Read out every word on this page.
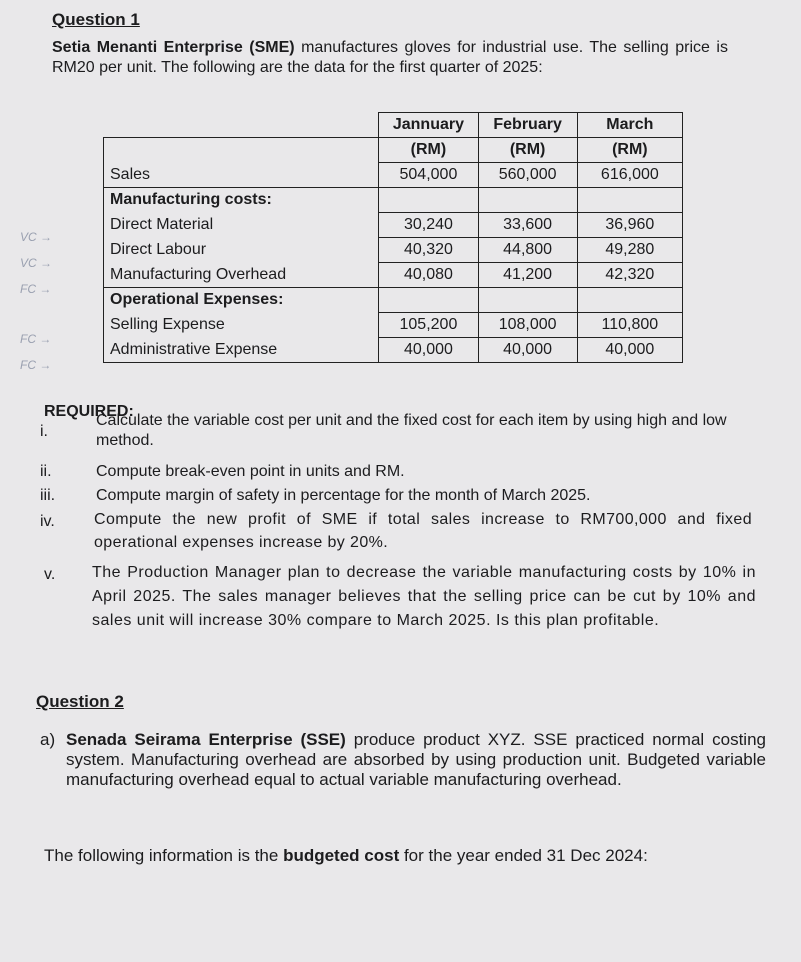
Question 1
Setia Menanti Enterprise (SME) manufactures gloves for industrial use. The selling price is RM20 per unit. The following are the data for the first quarter of 2025:
VC →
VC →
FC →
FC →
FC →
	Jannuary	February	March
	(RM)	(RM)	(RM)
Sales	504,000	560,000	616,000
Manufacturing costs:			
Direct Material	30,240	33,600	36,960
Direct Labour	40,320	44,800	49,280
Manufacturing Overhead	40,080	41,200	42,320
Operational Expenses:			
Selling Expense	105,200	108,000	110,800
Administrative Expense	40,000	40,000	40,000
REQUIRED:
i.
Calculate the variable cost per unit and the fixed cost for each item by using high and low method.
ii.	Compute break-even point in units and RM.
iii.	Compute margin of safety in percentage for the month of March 2025.
iv. Compute the new profit of SME if total sales increase to RM700,000 and fixed operational expenses increase by 20%.
v. The Production Manager plan to decrease the variable manufacturing costs by 10% in April 2025. The sales manager believes that the selling price can be cut by 10% and sales unit will increase 30% compare to March 2025. Is this plan profitable.
Question 2
a) Senada Seirama Enterprise (SSE) produce product XYZ. SSE practiced normal costing system. Manufacturing overhead are absorbed by using production unit. Budgeted variable manufacturing overhead equal to actual variable manufacturing overhead.
The following information is the budgeted cost for the year ended 31 Dec 2024:
